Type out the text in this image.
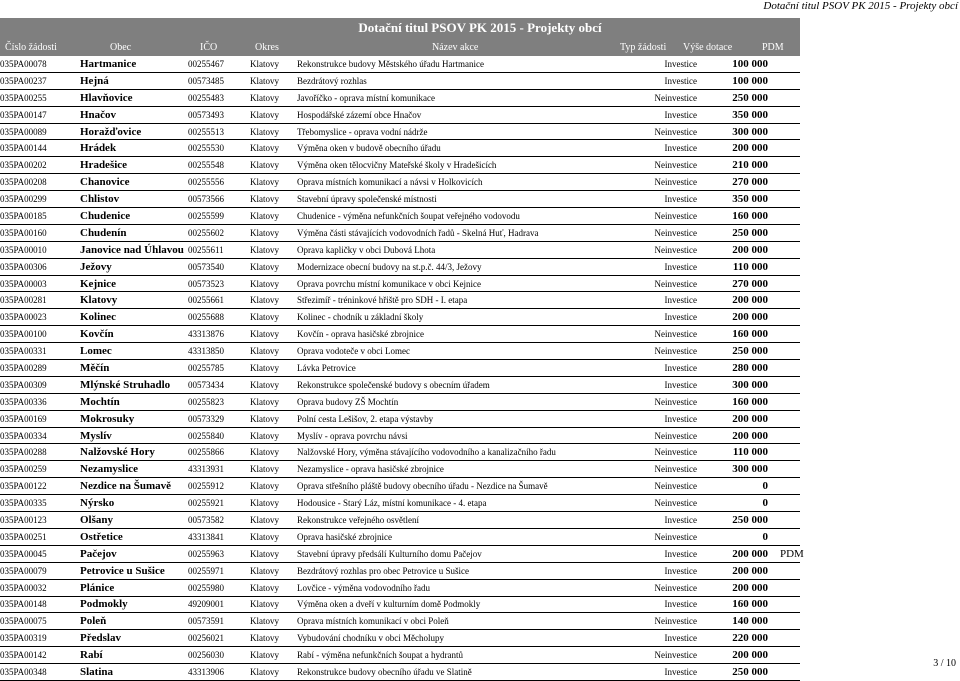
Dotační titul PSOV PK 2015 - Projekty obcí
Dotační titul PSOV PK 2015 - Projekty obcí
Číslo žádosti	Obec	IČO	Okres	Název akce	Typ žádosti Výše dotace	PDM
035PA00078	Hartmanice	00255467	Klatovy	Rekonstrukce budovy Městského úřadu Hartmanice	Investice	100 000	
035PA00237	Hejná	00573485	Klatovy	Bezdrátový rozhlas	Investice	100 000	
035PA00255	Hlavňovice	00255483	Klatovy	Javoříčko - oprava místní komunikace	Neinvestice	250 000	
035PA00147	Hnačov	00573493	Klatovy	Hospodářské zázemí obce Hnačov	Investice	350 000	
035PA00089	Horažďovice	00255513	Klatovy	Třebomyslice - oprava vodní nádrže	Neinvestice	300 000	
035PA00144	Hrádek	00255530	Klatovy	Výměna oken v budově obecního úřadu	Investice	200 000	
035PA00202	Hradešice	00255548	Klatovy	Výměna oken tělocvičny Mateřské školy v Hradešicích	Neinvestice	210 000	
035PA00208	Chanovice	00255556	Klatovy	Oprava místních komunikací a návsi v Holkovicích	Neinvestice	270 000	
035PA00299	Chlistov	00573566	Klatovy	Stavební úpravy společenské místnosti	Investice	350 000	
035PA00185	Chudenice	00255599	Klatovy	Chudenice - výměna nefunkčních šoupat veřejného vodovodu	Neinvestice	160 000	
035PA00160	Chudenín	00255602	Klatovy	Výměna části stávajících vodovodních řadů - Skelná Huť, Hadrava	Neinvestice	250 000	
035PA00010	Janovice nad Úhlavou	00255611	Klatovy	Oprava kapličky v obci Dubová Lhota	Neinvestice	200 000	
035PA00306	Ježovy	00573540	Klatovy	Modernizace obecní budovy na st.p.č. 44/3, Ježovy	Investice	110 000	
035PA00003	Kejnice	00573523	Klatovy	Oprava povrchu místní komunikace v obci Kejnice	Neinvestice	270 000	
035PA00281	Klatovy	00255661	Klatovy	Střezimíř - tréninkové hřiště pro SDH - I. etapa	Investice	200 000	
035PA00023	Kolinec	00255688	Klatovy	Kolinec - chodník u základní školy	Investice	200 000	
035PA00100	Kovčín	43313876	Klatovy	Kovčín - oprava hasičské zbrojnice	Neinvestice	160 000	
035PA00331	Lomec	43313850	Klatovy	Oprava vodoteče v obci Lomec	Neinvestice	250 000	
035PA00289	Měčín	00255785	Klatovy	Lávka Petrovice	Investice	280 000	
035PA00309	Mlýnské Struhadlo	00573434	Klatovy	Rekonstrukce společenské budovy s obecním úřadem	Investice	300 000	
035PA00336	Mochtín	00255823	Klatovy	Oprava budovy ZŠ Mochtín	Neinvestice	160 000	
035PA00169	Mokrosuky	00573329	Klatovy	Polní cesta Lešišov, 2. etapa výstavby	Investice	200 000	
035PA00334	Myslív	00255840	Klatovy	Myslív - oprava povrchu návsi	Neinvestice	200 000	
035PA00288	Nalžovské Hory	00255866	Klatovy	Nalžovské Hory, výměna stávajícího vodovodního a kanalizačního řadu	Neinvestice	110 000	
035PA00259	Nezamyslice	43313931	Klatovy	Nezamyslice - oprava hasičské zbrojnice	Neinvestice	300 000	
035PA00122	Nezdice na Šumavě	00255912	Klatovy	Oprava střešního pláště budovy obecního úřadu - Nezdice na Šumavě	Neinvestice	0	
035PA00335	Nýrsko	00255921	Klatovy	Hodousice - Starý Láz, místní komunikace - 4. etapa	Neinvestice	0	
035PA00123	Olšany	00573582	Klatovy	Rekonstrukce veřejného osvětlení	Investice	250 000	
035PA00251	Ostřetice	43313841	Klatovy	Oprava hasičské zbrojnice	Neinvestice	0	
035PA00045	Pačejov	00255963	Klatovy	Stavební úpravy předsálí Kulturního domu Pačejov	Investice	200 000	PDM
035PA00079	Petrovice u Sušice	00255971	Klatovy	Bezdrátový rozhlas pro obec Petrovice u Sušice	Investice	200 000	
035PA00032	Plánice	00255980	Klatovy	Lovčice - výměna vodovodního řadu	Neinvestice	200 000	
035PA00148	Podmokly	49209001	Klatovy	Výměna oken a dveří v kulturním domě Podmokly	Investice	160 000	
035PA00075	Poleň	00573591	Klatovy	Oprava místních komunikací v obci Poleň	Neinvestice	140 000	
035PA00319	Předslav	00256021	Klatovy	Vybudování chodníku v obci Měcholupy	Investice	220 000	
035PA00142	Rabí	00256030	Klatovy	Rabí - výměna nefunkčních šoupat a hydrantů	Neinvestice	200 000	
035PA00348	Slatina	43313906	Klatovy	Rekonstrukce budovy obecního úřadu ve Slatině	Investice	250 000	
3 / 10
